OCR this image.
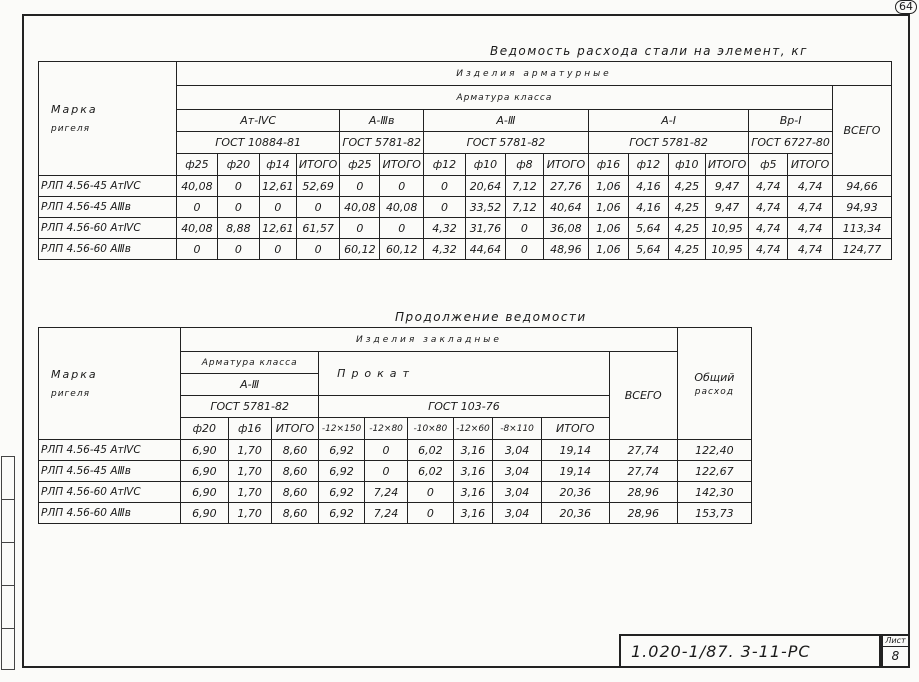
64
Ведомость расхода стали на элемент, кг
Марка
ригеля	Изделия арматурные																
	Арматура класса																ВСЕГО
	Ат-ⅣС				А-Ⅲв		А-Ⅲ				А-I				Вр-I		
	ГОСТ 10884-81				ГОСТ 5781-82		ГОСТ 5781-82				ГОСТ 5781-82				ГОСТ 6727-80		
	ф25	ф20	ф14	ИТОГО	ф25	ИТОГО	ф12	ф10	ф8	ИТОГО	ф16	ф12	ф10	ИТОГО	ф5	ИТОГО	
РЛП 4.56-45 АтⅣС	40,08	0	12,61	52,69	0	0	0	20,64	7,12	27,76	1,06	4,16	4,25	9,47	4,74	4,74	94,66
РЛП 4.56-45 АⅢв	0	0	0	0	40,08	40,08	0	33,52	7,12	40,64	1,06	4,16	4,25	9,47	4,74	4,74	94,93
РЛП 4.56-60 АтⅣС	40,08	8,88	12,61	61,57	0	0	4,32	31,76	0	36,08	1,06	5,64	4,25	10,95	4,74	4,74	113,34
РЛП 4.56-60 АⅢв	0	0	0	0	60,12	60,12	4,32	44,64	0	48,96	1,06	5,64	4,25	10,95	4,74	4,74	124,77
Продолжение ведомости
Марка
ригеля	Изделия закладные										Общий
расход
	Арматура класса			Прокат						ВСЕГО	
	А-Ⅲ										
	ГОСТ 5781-82			ГОСТ 103-76							
	ф20	ф16	ИТОГО	-12×150	-12×80	-10×80	-12×60	-8×110	ИТОГО		
РЛП 4.56-45 АтⅣС	6,90	1,70	8,60	6,92	0	6,02	3,16	3,04	19,14	27,74	122,40
РЛП 4.56-45 АⅢв	6,90	1,70	8,60	6,92	0	6,02	3,16	3,04	19,14	27,74	122,67
РЛП 4.56-60 АтⅣС	6,90	1,70	8,60	6,92	7,24	0	3,16	3,04	20,36	28,96	142,30
РЛП 4.56-60 АⅢв	6,90	1,70	8,60	6,92	7,24	0	3,16	3,04	20,36	28,96	153,73
1.020-1/87. 3-11-РС
Лист
8
